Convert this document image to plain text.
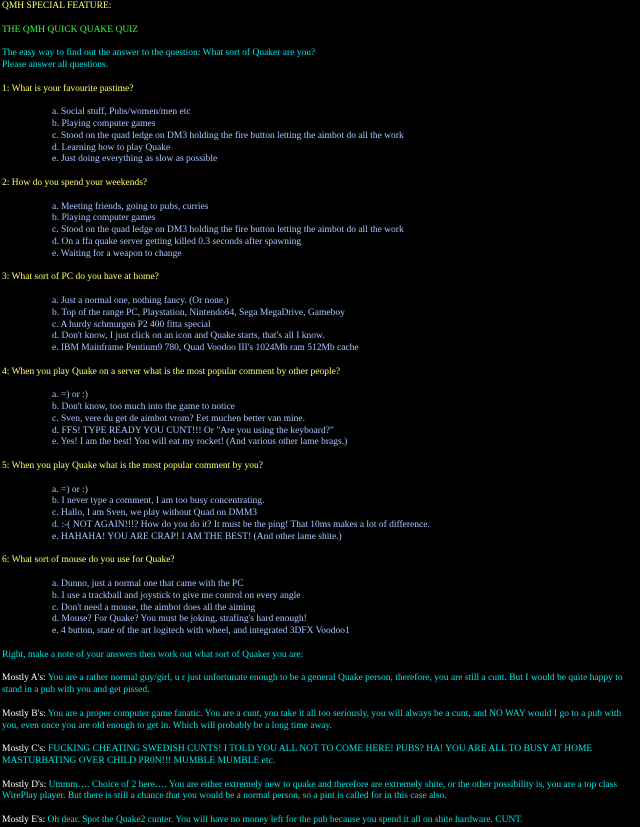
QMH SPECIAL FEATURE:

THE QMH QUICK QUAKE QUIZ

The easy way to find out the answer to the question: What sort of Quaker are you?

Please answer all questions.

1: What is your favourite pastime?

a. Social stuff, Pubs/women/men etc
b. Playing computer games
c. Stood on the quad ledge on DM3 holding the fire button letting the aimbot do all the work
d. Learning how to play Quake
e. Just doing everything as slow as possible

2: How do you spend your weekends?

a. Meeting friends, going to pubs, curries
b. Playing computer games
c. Stood on the quad ledge on DM3 holding the fire button letting the aimbot do all the work
d. On a ffa quake server getting killed 0.3 seconds after spawning
e. Waiting for a weapon to change

3: What sort of PC do you have at home?

a. Just a normal one, nothing fancy. (Or none.)
b. Top of the range PC, Playstation, Nintendo64, Sega MegaDrive, Gameboy
c. A hurdy schmurgen P2 400 fitta special
d. Don't know, I just click on an icon and Quake starts, that's all I know.
e. IBM Mainframe Pentium9 780, Quad Voodoo III's 1024Mb ram 512Mb cache

4: When you play Quake on a server what is the most popular comment by other people?

a. =) or :)
b. Don't know, too much into the game to notice
c. Sven, vere du get de aimbot vrom? Eet muchen better van mine.
d. FFS! TYPE READY YOU CUNT!!! Or "Are you using the keyboard?"
e. Yes! I am the best! You will eat my rocket! (And various other lame brags.)

5: When you play Quake what is the most popular comment by you?

a. =) or :)
b. I never type a comment, I am too busy concentrating.
c. Hallo, I am Sven, we play without Quad on DMM3
d. :-( NOT AGAIN!!!? How do you do it? It must be the ping! That 10ms makes a lot of difference.
e. HAHAHA! YOU ARE CRAP! I AM THE BEST! (And other lame shite.)

6: What sort of mouse do you use for Quake?

a. Dunno, just a normal one that came with the PC
b. I use a trackball and joystick to give me control on every angle
c. Don't need a mouse, the aimbot does all the aiming
d. Mouse? For Quake? You must be joking, strafing's hard enough!
e. 4 button, state of the art logitech with wheel, and integrated 3DFX Voodoo1

Right, make a note of your answers then work out what sort of Quaker you are:

Mostly A's: You are a rather normal guy/girl, u r just unfortunate enough to be a general Quake person, therefore, you are still a cunt. But I would be quite happy to stand in a pub with you and get pissed.

Mostly B's: You are a proper computer game fanatic. You are a cunt, you take it all too seriously, you will always be a cunt, and NO WAY would I go to a pub with you, even once you are old enough to get in. Which will probably be a long time away.

Mostly C's: FUCKING CHEATING SWEDISH CUNTS! I TOLD YOU ALL NOT TO COME HERE! PUBS? HA! YOU ARE ALL TO BUSY AT HOME MASTURBATING OVER CHILD PR0N!!! MUMBLE MUMBLE etc.

Mostly D's: Ummm…. Choice of 2 here…. You are either extremely new to quake and therefore are extremely shite, or the other possibility is, you are a top class WirePlay player. But there is still a chance that you would be a normal person, so a pint is called for in this case also.

Mostly E's: Oh dear. Spot the Quake2 cunter. You will have no money left for the pub because you spend it all on shite hardware. CUNT.
